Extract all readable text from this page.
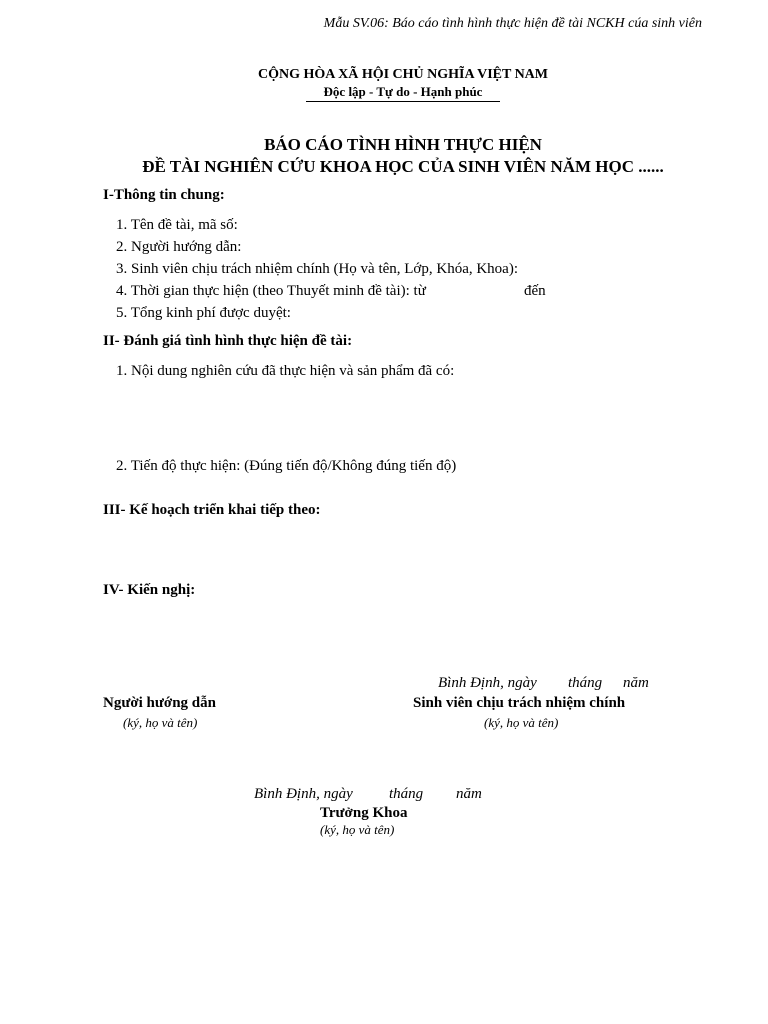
Mẫu SV.06: Báo cáo tình hình thực hiện đề tài NCKH cúa sinh viên
CỘNG HÒA XÃ HỘI CHỦ NGHĨA VIỆT NAM
Độc lập - Tự do - Hạnh phúc
BÁO CÁO TÌNH HÌNH THỰC HIỆN
ĐỀ TÀI NGHIÊN CỨU KHOA HỌC CỦA SINH VIÊN NĂM HỌC ......
I-Thông tin chung:
1. Tên đề tài, mã số:
2. Người hướng dẫn:
3. Sinh viên chịu trách nhiệm chính (Họ và tên, Lớp, Khóa, Khoa):
4. Thời gian thực hiện (theo Thuyết minh đề tài): từ	đến
5. Tổng kinh phí được duyệt:
II- Đánh giá tình hình thực hiện đề tài:
1. Nội dung nghiên cứu đã thực hiện và sản phẩm đã có:
2. Tiến độ thực hiện: (Đúng tiến độ/Không đúng tiến độ)
III- Kế hoạch triển khai tiếp theo:
IV- Kiến nghị:
Bình Định, ngày tháng năm
Người hướng dẫn
(ký, họ và tên)
Sinh viên chịu trách nhiệm chính
(ký, họ và tên)
Bình Định, ngày tháng năm
Trưởng Khoa
(ký, họ và tên)
